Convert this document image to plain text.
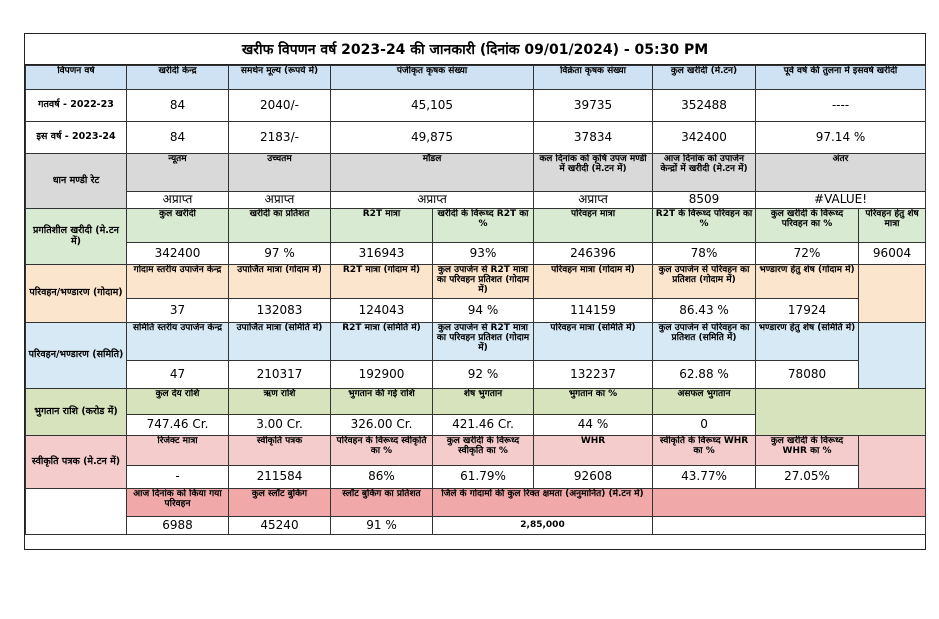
खरीफ विपणन वर्ष 2023-24 की जानकारी (दिनांक 09/01/2024) - 05:30 PM
विपणन वर्ष	खरीदी केन्द्र	समर्थन मूल्य (रूपये में)	पंजीकृत कृषक संख्या		विक्रेता कृषक संख्या	कुल खरीदी (मे.टन)	पूर्व वर्ष की तुलना में इसवर्ष खरीदी	
गतवर्ष - 2022-23	84	2040/-	45,105		39735	352488	----	
इस वर्ष - 2023-24	84	2183/-	49,875		37834	342400	97.14 %	
धान मण्डी रेट	न्यूतम	उच्चतम	मॉडल		कल दिनांक को कृषि उपज मण्डी में खरीदी (मे.टन में)	आज दिनांक को उपार्जन केन्द्रों में खरीदी (मे.टन में)	अंतर	
	अप्राप्त	अप्राप्त	अप्राप्त		अप्राप्त	8509	#VALUE!	
प्रगतिशील खरीदी (मे.टन में)	कुल खरीदी	खरीदी का प्रतिशत	R2T मात्रा	खरीदी के विरूध्द R2T का %	परिवहन मात्रा	R2T के विरूध्द परिवहन का %	कुल खरीदी के विरूध्द परिवहन का %	परिवहन हेतु शेष मात्रा
	342400	97 %	316943	93%	246396	78%	72%	96004
परिवहन/भण्डारण (गोदाम)	गोदाम स्तरीय उपार्जन केन्द्र	उपार्जित मात्रा (गोदाम में)	R2T मात्रा (गोदाम में)	कुल उपार्जन से R2T मात्रा का परिवहन प्रतिशत (गोदाम में)	परिवहन मात्रा (गोदाम में)	कुल उपार्जन से परिवहन का प्रतिशत (गोदाम में)	भण्डारण हेतु शेष (गोदाम में)	
	37	132083	124043	94 %	114159	86.43 %	17924	
परिवहन/भण्डारण (समिति)	समिति स्तरीय उपार्जन केन्द्र	उपार्जित मात्रा (समिति में)	R2T मात्रा (समिति में)	कुल उपार्जन से R2T मात्रा का परिवहन प्रतिशत (गोदाम में)	परिवहन मात्रा (समिति में)	कुल उपार्जन से परिवहन का प्रतिशत (समिति में)	भण्डारण हेतु शेष (समिति में)	
	47	210317	192900	92 %	132237	62.88 %	78080	
भुगतान राशि (करोड में)	कुल देय राशि	ऋण राशि	भुगतान की गई राशि	शेष भुगतान	भुगतान का %	असफल भुगतान		
	747.46 Cr.	3.00 Cr.	326.00 Cr.	421.46 Cr.	44 %	0		
स्वीकृति पत्रक (मे.टन में)	रिजेक्ट मात्रा	स्वीकृति पत्रक	परिवहन के विरूध्द स्वीकृति का %	कुल खरीदी के विरूध्द स्वीकृति का %	WHR	स्वीकृति के विरूध्द WHR का %	कुल खरीदी के विरूध्द WHR का %	
	-	211584	86%	61.79%	92608	43.77%	27.05%	
	आज दिनांक को किया गया परिवहन	कुल स्लॉट बुकिंग	स्लॉट बुकिंग का प्रतिशत	जिले के गोदामों की कुल रिक्त क्षमता (अनुमानित) (मे.टन में)				
	6988	45240	91 %	2,85,000				
